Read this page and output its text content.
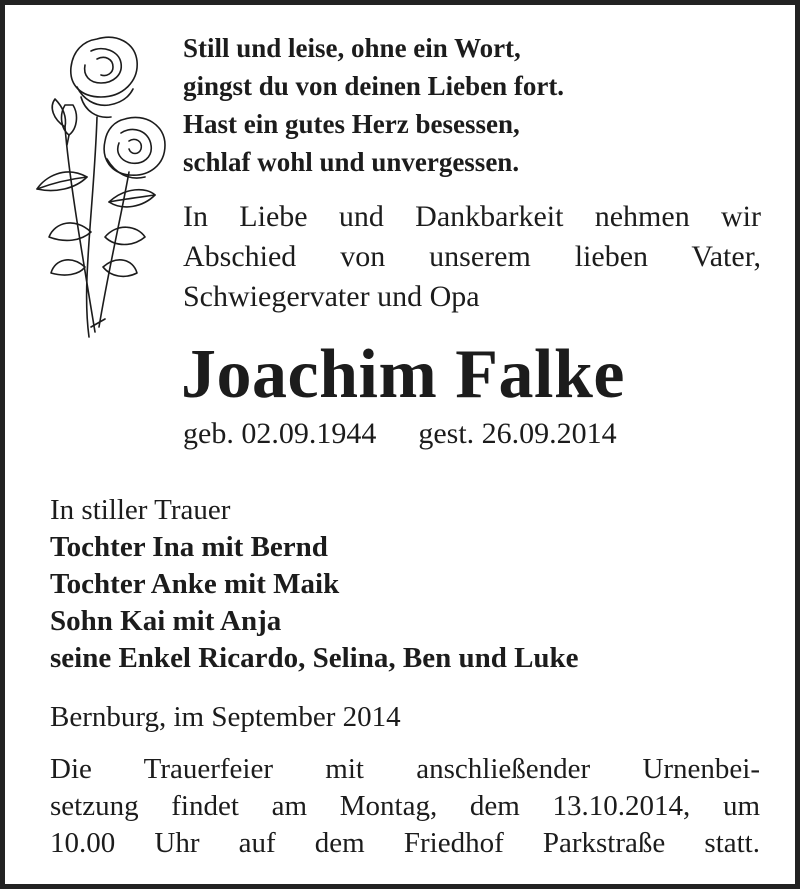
Still und leise, ohne ein Wort,
gingst du von deinen Lieben fort.
Hast ein gutes Herz besessen,
schlaf wohl und unvergessen.
In Liebe und Dankbarkeit nehmen wir
Abschied von unserem lieben Vater,
Schwiegervater und Opa
Joachim Falke
geb. 02.09.1944 gest. 26.09.2014
In stiller Trauer
Tochter Ina mit Bernd
Tochter Anke mit Maik
Sohn Kai mit Anja
seine Enkel Ricardo, Selina, Ben und Luke
Bernburg, im September 2014
Die Trauerfeier mit anschließender Urnenbei-
setzung findet am Montag, dem 13.10.2014, um
10.00 Uhr auf dem Friedhof Parkstraße statt.
